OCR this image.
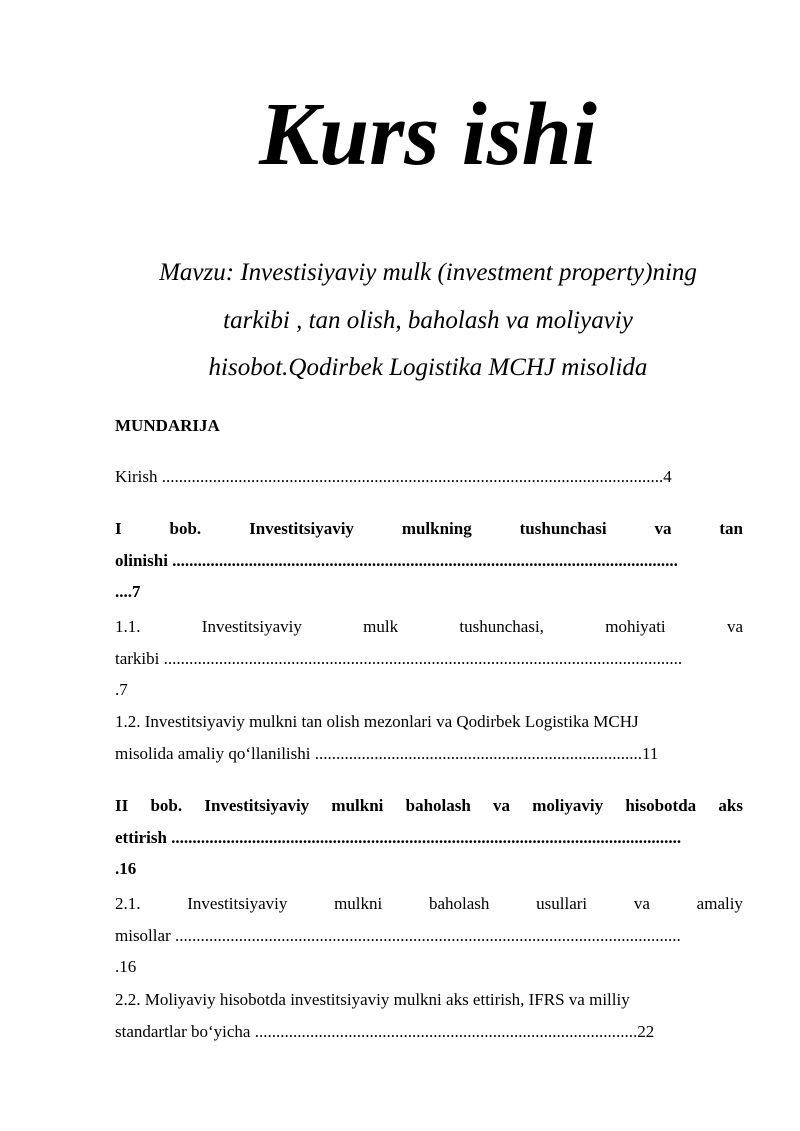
Kurs ishi
Mavzu: Investisiyaviy mulk (investment property)ning
tarkibi , tan olish, baholash va moliyaviy
hisobot.Qodirbek Logistika MCHJ misolida
MUNDARIJA
Kirish ......................................................................................................................4
I	bob.	Investitsiyaviy	mulkning	tushunchasi	va	tan
olinishi .......................................................................................................................
....7
1.1.	Investitsiyaviy	mulk	tushunchasi,	mohiyati	va
tarkibi ..........................................................................................................................
.7
1.2. Investitsiyaviy mulkni tan olish mezonlari va Qodirbek Logistika MCHJ
misolida amaliy qo‘llanilishi .............................................................................11
II bob. Investitsiyaviy mulkni baholash va moliyaviy hisobotda aks
ettirish ........................................................................................................................
.16
2.1.	Investitsiyaviy	mulkni	baholash	usullari	va	amaliy
misollar .......................................................................................................................
.16
2.2. Moliyaviy hisobotda investitsiyaviy mulkni aks ettirish, IFRS va milliy
standartlar bo‘yicha ..........................................................................................22
